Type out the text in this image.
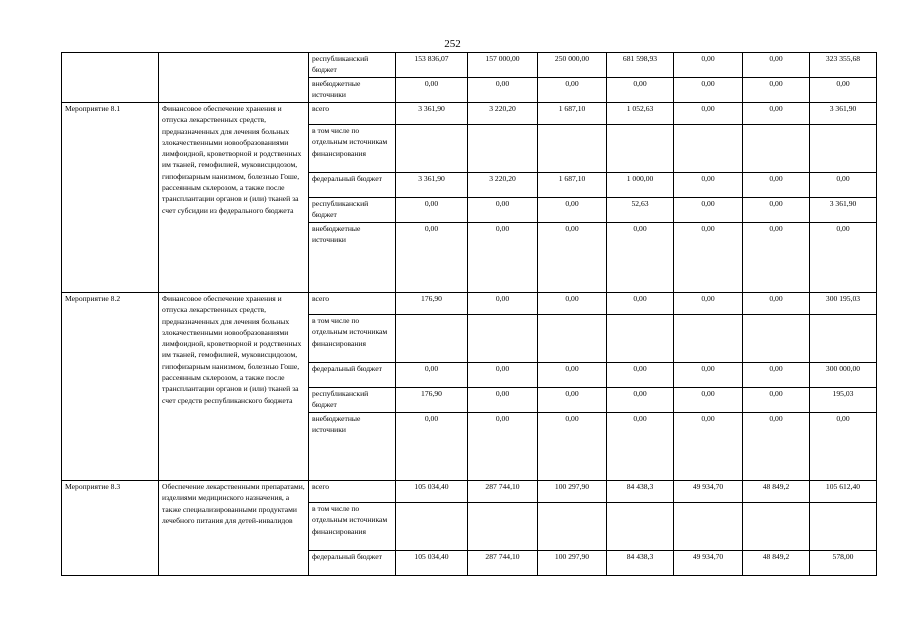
252
		республиканский бюджет	153 836,07	157 000,00	250 000,00	681 598,93	0,00	0,00	323 355,68
		внебюджетные источники	0,00	0,00	0,00	0,00	0,00	0,00	0,00
Мероприятие 8.1	Финансовое обеспечение хранения и отпуска лекарственных средств, предназначенных для лечения больных злокачественными новообразованиями лимфоидной, кроветворной и родственных им тканей, гемофилией, муковисцидозом, гипофизарным нанизмом, болезнью Гоше, рассеянным склерозом, а также после трансплантации органов и (или) тканей за счет субсидии из федерального бюджета	всего	3 361,90	3 220,20	1 687,10	1 052,63	0,00	0,00	3 361,90
		в том числе по отдельным источникам финансирования							
		федеральный бюджет	3 361,90	3 220,20	1 687,10	1 000,00	0,00	0,00	0,00
		республиканский бюджет	0,00	0,00	0,00	52,63	0,00	0,00	3 361,90
		внебюджетные источники	0,00	0,00	0,00	0,00	0,00	0,00	0,00
Мероприятие 8.2	Финансовое обеспечение хранения и отпуска лекарственных средств, предназначенных для лечения больных злокачественными новообразованиями лимфоидной, кроветворной и родственных им тканей, гемофилией, муковисцидозом, гипофизарным нанизмом, болезнью Гоше, рассеянным склерозом, а также после трансплантации органов и (или) тканей за счет средств республиканского бюджета	всего	176,90	0,00	0,00	0,00	0,00	0,00	300 195,03
		в том числе по отдельным источникам финансирования							
		федеральный бюджет	0,00	0,00	0,00	0,00	0,00	0,00	300 000,00
		республиканский бюджет	176,90	0,00	0,00	0,00	0,00	0,00	195,03
		внебюджетные источники	0,00	0,00	0,00	0,00	0,00	0,00	0,00
Мероприятие 8.3	Обеспечение лекарственными препаратами, изделиями медицинского назначения, а также специализированными продуктами лечебного питания для детей-инвалидов	всего	105 034,40	287 744,10	100 297,90	84 438,3	49 934,70	48 849,2	105 612,40
		в том числе по отдельным источникам финансирования							
		федеральный бюджет	105 034,40	287 744,10	100 297,90	84 438,3	49 934,70	48 849,2	578,00
